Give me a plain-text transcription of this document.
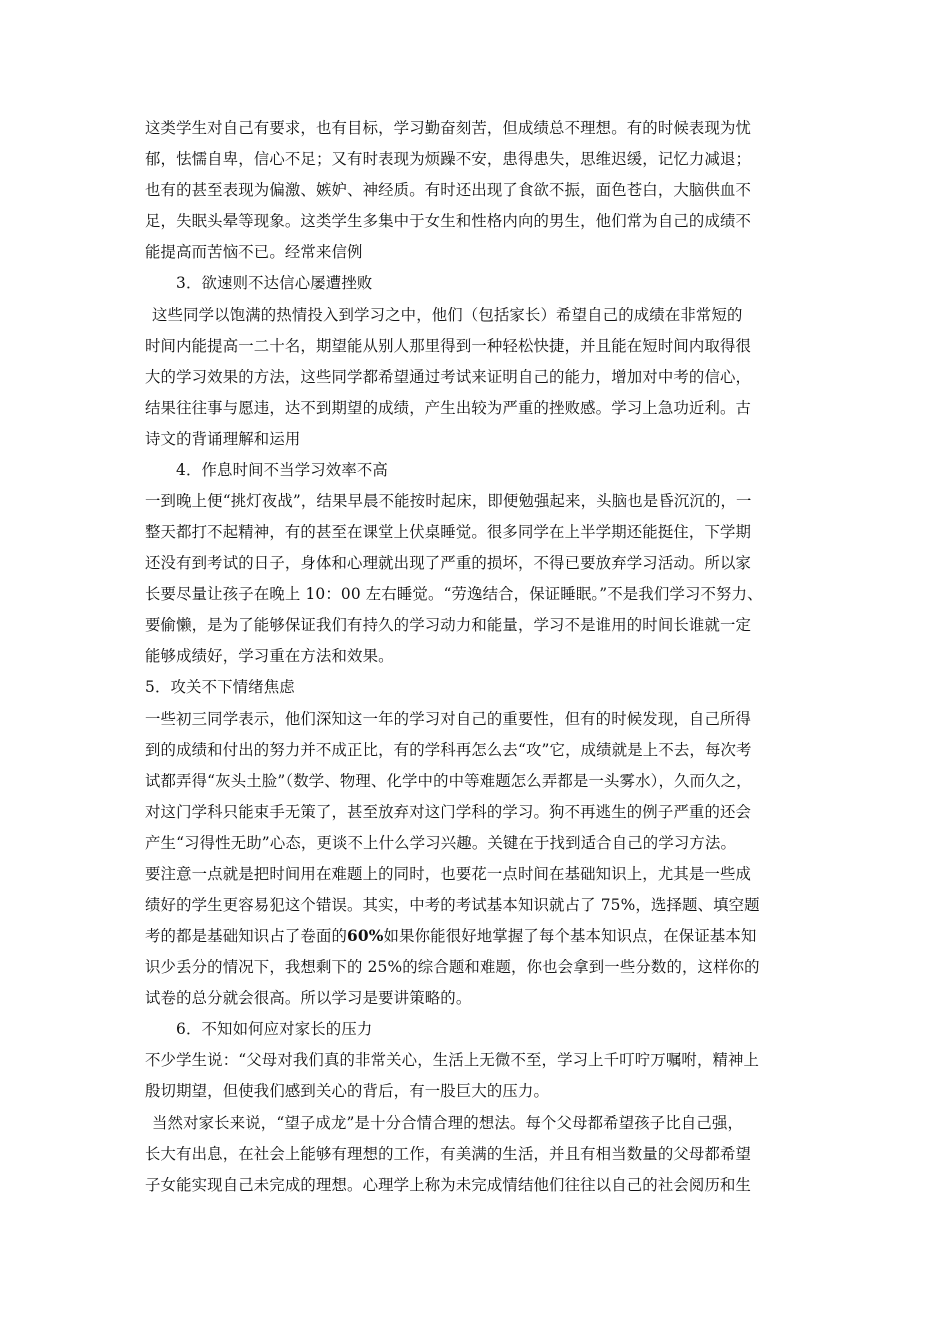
这类学生对自己有要求，也有目标，学习勤奋刻苦，但成绩总不理想。有的时候表现为忧
郁，怯懦自卑，信心不足；又有时表现为烦躁不安，患得患失，思维迟缓，记忆力减退；
也有的甚至表现为偏激、嫉妒、神经质。有时还出现了食欲不振，面色苍白，大脑供血不
足，失眠头晕等现象。这类学生多集中于女生和性格内向的男生，他们常为自己的成绩不
能提高而苦恼不已。经常来信例
3．欲速则不达信心屡遭挫败
这些同学以饱满的热情投入到学习之中，他们（包括家长）希望自己的成绩在非常短的
时间内能提高一二十名，期望能从别人那里得到一种轻松快捷，并且能在短时间内取得很
大的学习效果的方法，这些同学都希望通过考试来证明自己的能力，增加对中考的信心，
结果往往事与愿违，达不到期望的成绩，产生出较为严重的挫败感。学习上急功近利。古
诗文的背诵理解和运用
4．作息时间不当学习效率不高
一到晚上便“挑灯夜战”，结果早晨不能按时起床，即便勉强起来，头脑也是昏沉沉的，一
整天都打不起精神，有的甚至在课堂上伏桌睡觉。很多同学在上半学期还能挺住，下学期
还没有到考试的日子，身体和心理就出现了严重的损坏，不得已要放弃学习活动。所以家
长要尽量让孩子在晚上 10：00 左右睡觉。“劳逸结合，保证睡眠。”不是我们学习不努力、
要偷懒，是为了能够保证我们有持久的学习动力和能量，学习不是谁用的时间长谁就一定
能够成绩好，学习重在方法和效果。
5．攻关不下情绪焦虑
一些初三同学表示，他们深知这一年的学习对自己的重要性，但有的时候发现，自己所得
到的成绩和付出的努力并不成正比，有的学科再怎么去“攻”它，成绩就是上不去，每次考
试都弄得“灰头土脸”（数学、物理、化学中的中等难题怎么弄都是一头雾水），久而久之，
对这门学科只能束手无策了，甚至放弃对这门学科的学习。狗不再逃生的例子严重的还会
产生“习得性无助”心态，更谈不上什么学习兴趣。关键在于找到适合自己的学习方法。
要注意一点就是把时间用在难题上的同时，也要花一点时间在基础知识上，尤其是一些成
绩好的学生更容易犯这个错误。其实，中考的考试基本知识就占了 75%，选择题、填空题
考的都是基础知识占了卷面的60%如果你能很好地掌握了每个基本知识点，在保证基本知
识少丢分的情况下，我想剩下的 25%的综合题和难题，你也会拿到一些分数的，这样你的
试卷的总分就会很高。所以学习是要讲策略的。
6．不知如何应对家长的压力
不少学生说：“父母对我们真的非常关心，生活上无微不至，学习上千叮咛万嘱咐，精神上
殷切期望，但使我们感到关心的背后，有一股巨大的压力。
当然对家长来说，“望子成龙”是十分合情合理的想法。每个父母都希望孩子比自己强，
长大有出息，在社会上能够有理想的工作，有美满的生活，并且有相当数量的父母都希望
子女能实现自己未完成的理想。心理学上称为未完成情结他们往往以自己的社会阅历和生
